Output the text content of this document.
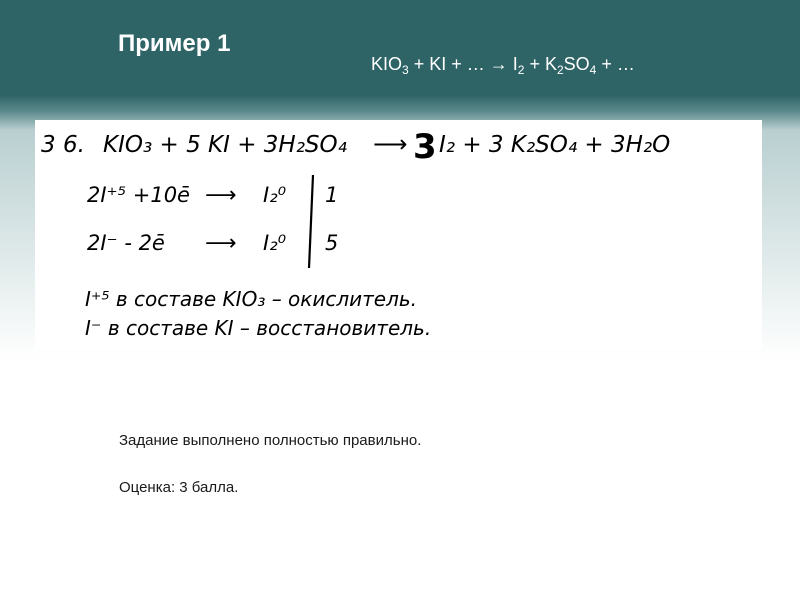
Пример 1
$KIO_3$ + KI + … → $I_2 + K_2SO_4$ + …
3 6. KIO₃ + 5 KI + 3H₂SO₄ ⟶ 3 I₂ + 3 K₂SO₄ + 3H₂O
2I⁺⁵ +10ē ⟶ I₂⁰ 1
2I⁻ - 2ē ⟶ I₂⁰ 5
I⁺⁵ в составе KIO₃ – окислитель.
I⁻ в составе KI – восстановитель.
Задание выполнено полностью правильно.
Оценка: 3 балла.
